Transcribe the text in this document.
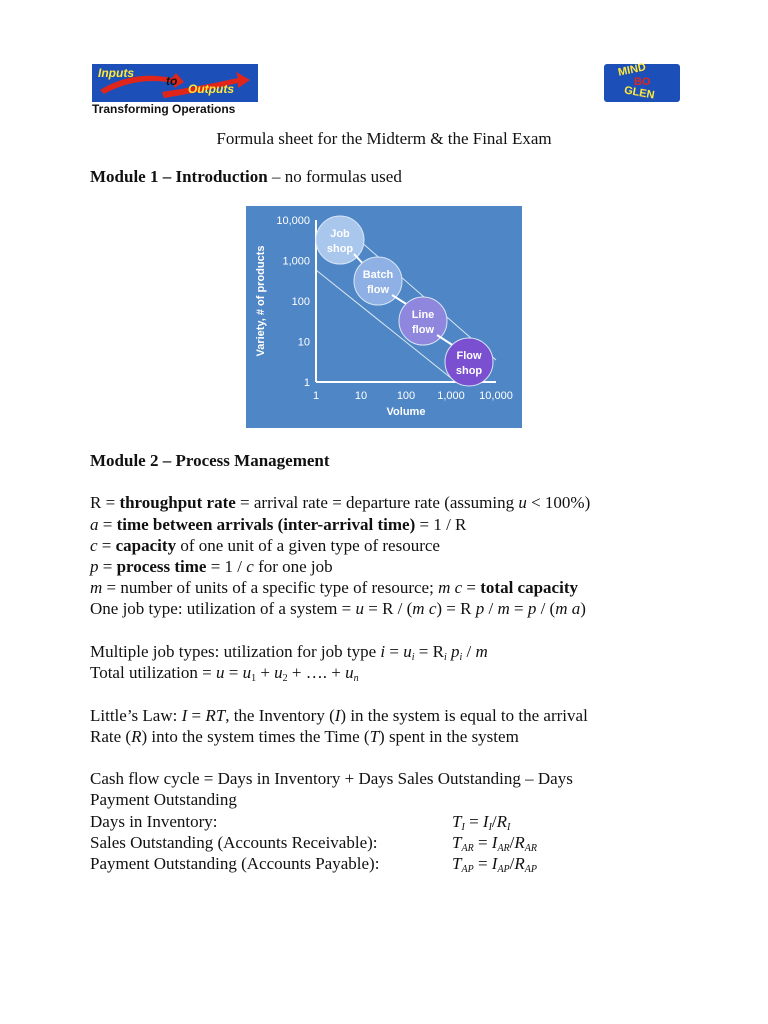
Inputs
to
Outputs
Transforming Operations
MIND
BO
GLEN
Formula sheet for the Midterm & the Final Exam
Module 1 – Introduction – no formulas used
10,000
1,000
100
10
1
1	10	100 1,000 10,000
Volume
Variety, # of products
Job
shop
Batch
flow
Line
flow
Flow
shop
Module 2 – Process Management
R = throughput rate = arrival rate = departure rate (assuming u < 100%)
a = time between arrivals (inter-arrival time) = 1 / R
c = capacity of one unit of a given type of resource
p = process time = 1 / c for one job
m = number of units of a specific type of resource; m c = total capacity
One job type: utilization of a system = u = R / (m c) = R p / m = p / (m a)
Multiple job types: utilization for job type $i = u_i = R_i$ $p_i$ / m
Total utilization = $u = u_1 + u_2$ + …. + $u_n$
Little’s Law: I = RT, the Inventory (I) in the system is equal to the arrival
Rate (R) into the system times the Time (T) spent in the system
Cash flow cycle = Days in Inventory + Days Sales Outstanding – Days
Payment Outstanding
Days in Inventory:	$T_I = I_I/R_I$
Sales Outstanding (Accounts Receivable):	$T_{AR} = I_{AR}/R_{AR}$
Payment Outstanding (Accounts Payable):	$T_{AP} = I_{AP}/R_{AP}$
